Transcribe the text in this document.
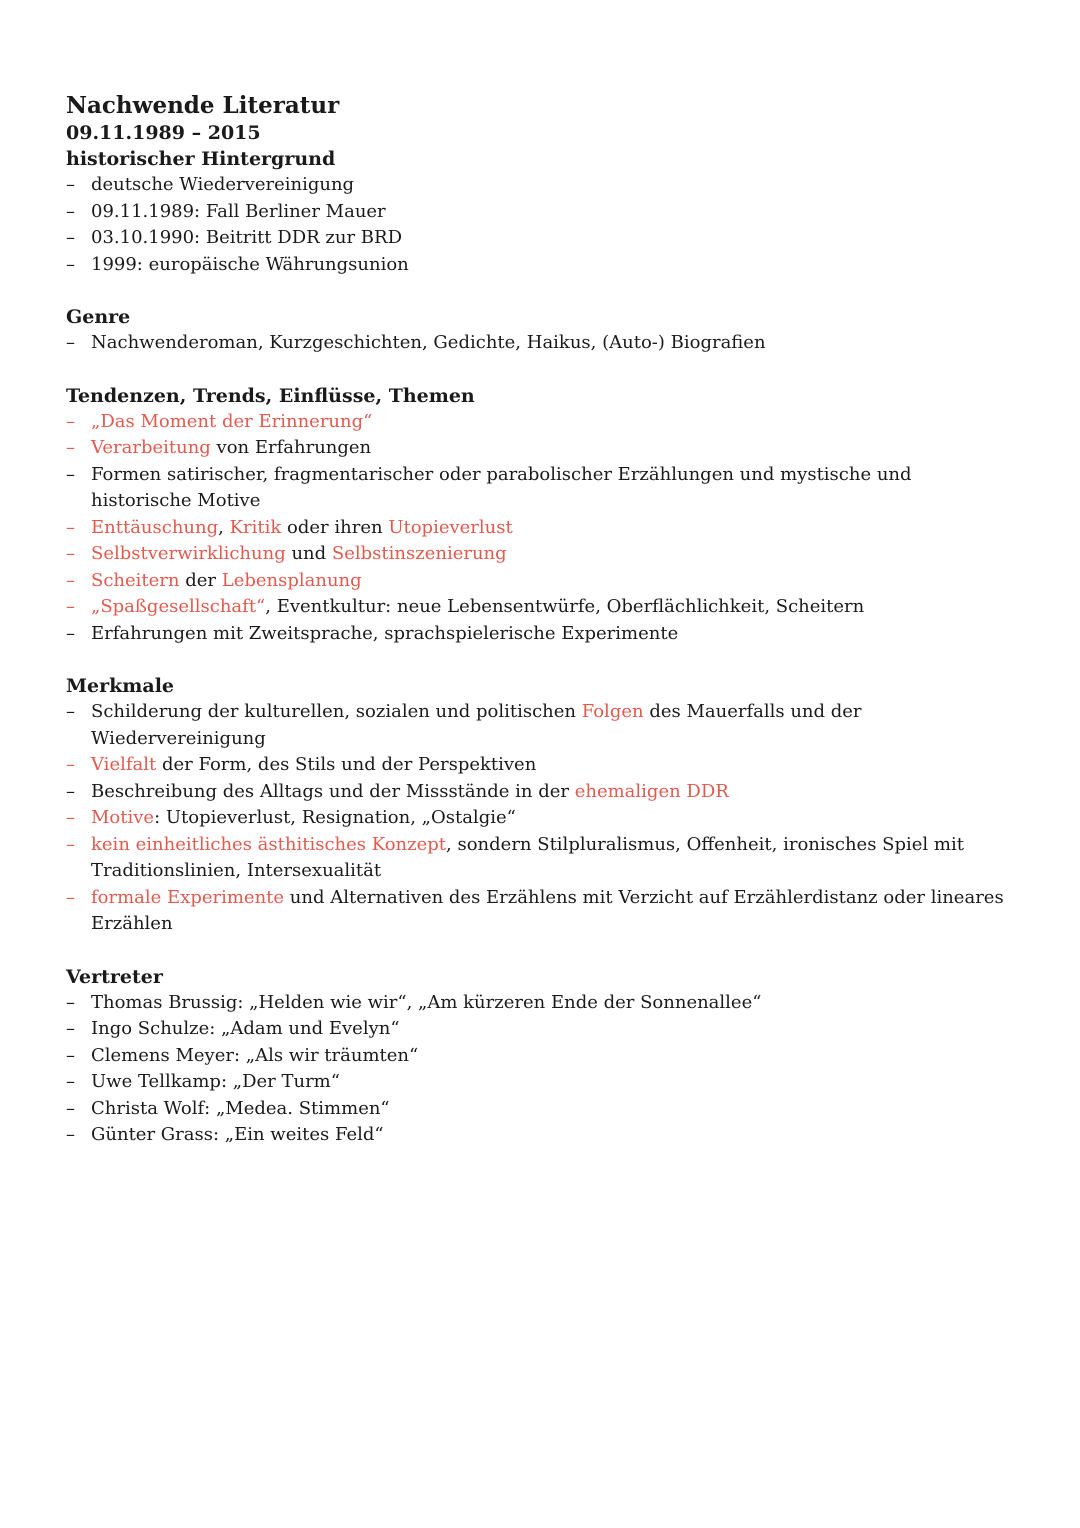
Nachwende Literatur
09.11.1989 – 2015
historischer Hintergrund
– deutsche Wiedervereinigung
– 09.11.1989: Fall Berliner Mauer
– 03.10.1990: Beitritt DDR zur BRD
– 1999: europäische Währungsunion
Genre
– Nachwenderoman, Kurzgeschichten, Gedichte, Haikus, (Auto-) Biografien
Tendenzen, Trends, Einflüsse, Themen
– „Das Moment der Erinnerung“
– Verarbeitung von Erfahrungen
– Formen satirischer, fragmentarischer oder parabolischer Erzählungen und mystische und historische Motive
– Enttäuschung, Kritik oder ihren Utopieverlust
– Selbstverwirklichung und Selbstinszenierung
– Scheitern der Lebensplanung
– „Spaßgesellschaft“, Eventkultur: neue Lebensentwürfe, Oberflächlichkeit, Scheitern
– Erfahrungen mit Zweitsprache, sprachspielerische Experimente
Merkmale
– Schilderung der kulturellen, sozialen und politischen Folgen des Mauerfalls und der Wiedervereinigung
– Vielfalt der Form, des Stils und der Perspektiven
– Beschreibung des Alltags und der Missstände in der ehemaligen DDR
– Motive: Utopieverlust, Resignation, „Ostalgie“
– kein einheitliches ästhitisches Konzept, sondern Stilpluralismus, Offenheit, ironisches Spiel mit Traditionslinien, Intersexualität
– formale Experimente und Alternativen des Erzählens mit Verzicht auf Erzählerdistanz oder lineares Erzählen
Vertreter
– Thomas Brussig: „Helden wie wir“, „Am kürzeren Ende der Sonnenallee“
– Ingo Schulze: „Adam und Evelyn“
– Clemens Meyer: „Als wir träumten“
– Uwe Tellkamp: „Der Turm“
– Christa Wolf: „Medea. Stimmen“
– Günter Grass: „Ein weites Feld“
